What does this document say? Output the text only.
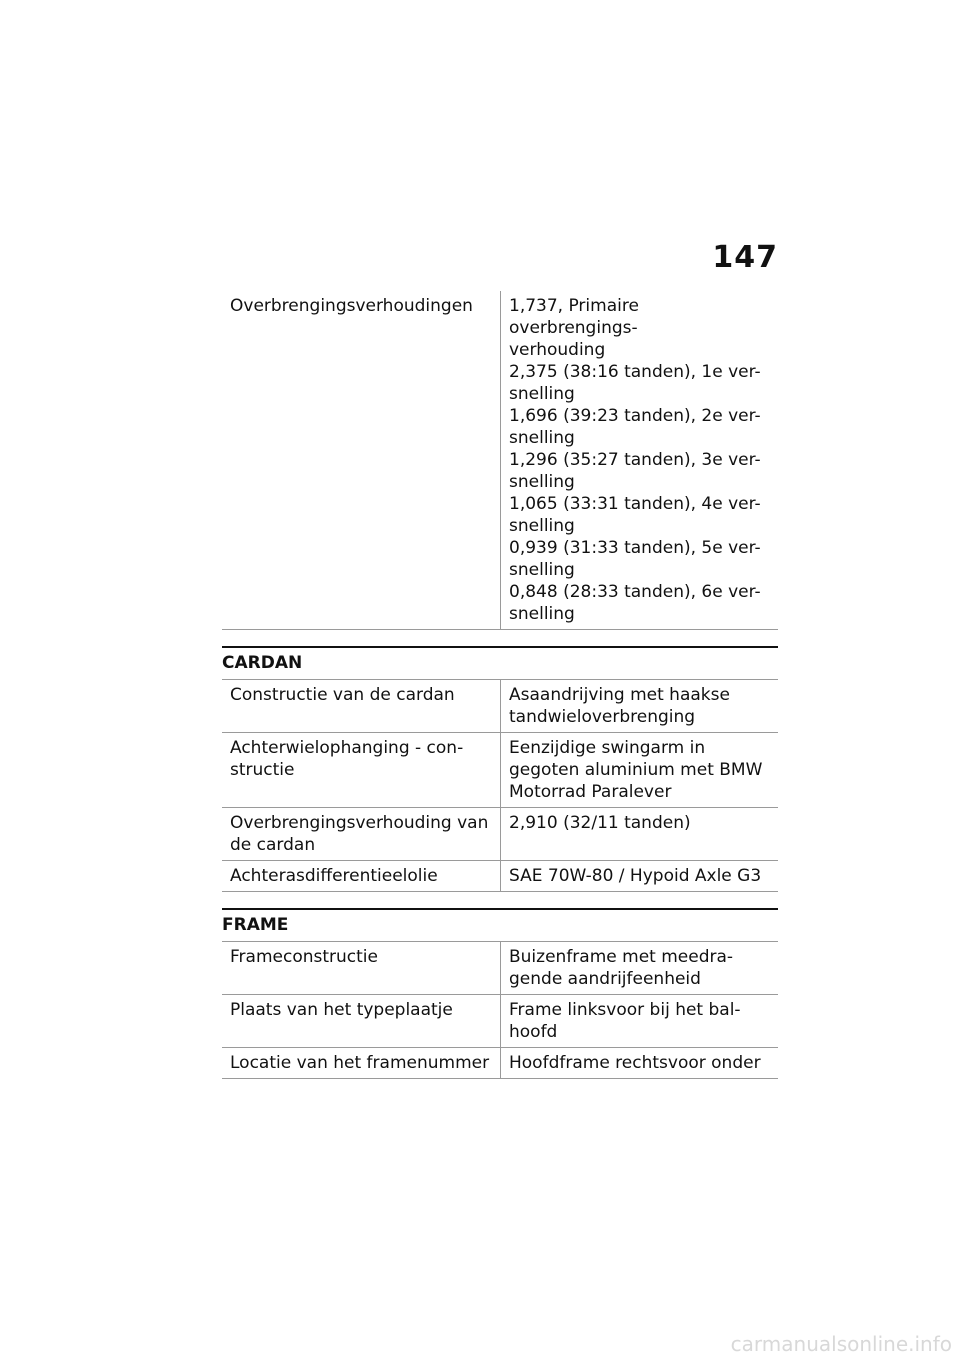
147
Overbrengingsverhoudingen	1,737, Primaire overbrengings-
verhouding
2,375 (38:16 tanden), 1e ver-
snelling
1,696 (39:23 tanden), 2e ver-
snelling
1,296 (35:27 tanden), 3e ver-
snelling
1,065 (33:31 tanden), 4e ver-
snelling
0,939 (31:33 tanden), 5e ver-
snelling
0,848 (28:33 tanden), 6e ver-
snelling
CARDAN
Constructie van de cardan	Asaandrijving met haakse tandwieloverbrenging
Achterwielophanging - con-structie	Eenzijdige swingarm in gegoten aluminium met BMW Motorrad Paralever
Overbrengingsverhouding van de cardan	2,910 (32/11 tanden)
Achterasdifferentieelolie	SAE 70W-80 / Hypoid Axle G3
FRAME
Frameconstructie	Buizenframe met meedra-gende aandrijfeenheid
Plaats van het typeplaatje	Frame linksvoor bij het bal-hoofd
Locatie van het framenummer	Hoofdframe rechtsvoor onder
carmanualsonline.info
